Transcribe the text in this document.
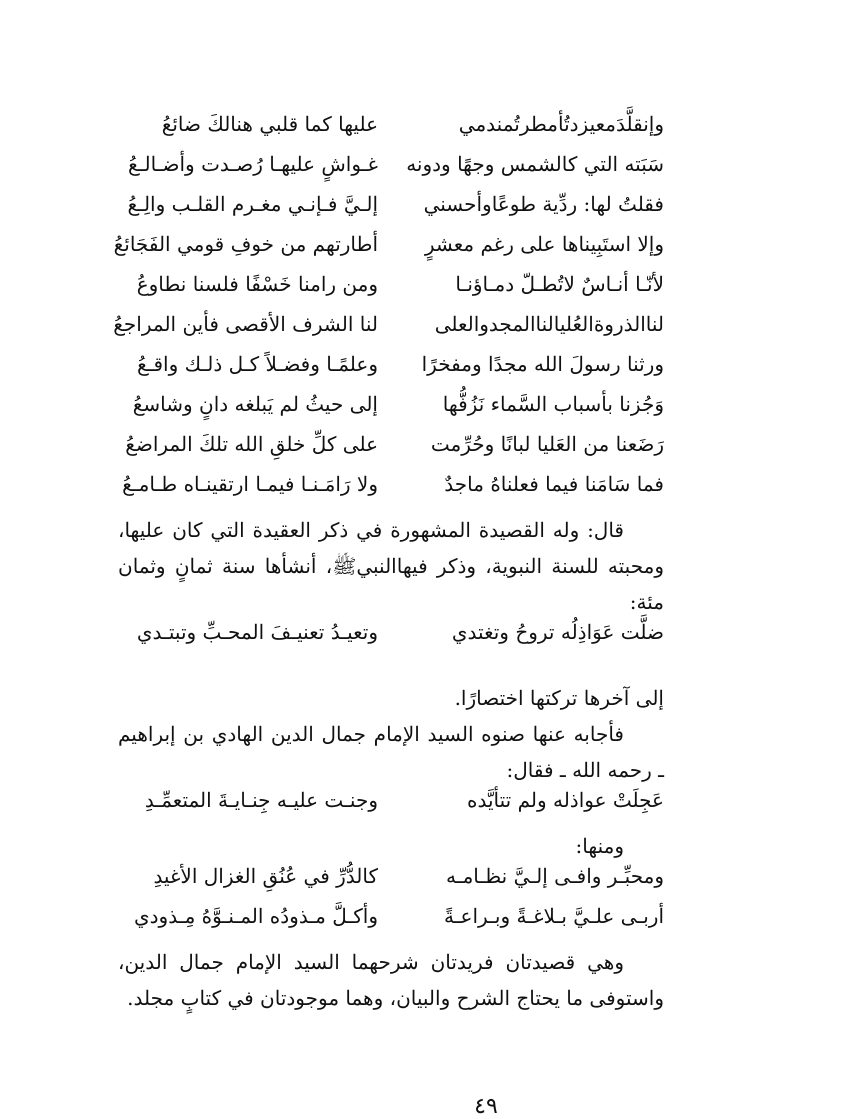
وإنقلَّدَمعيزدتُأمطرتُمندمي
عليها كما قلبي هنالكَ ضائعُ
سَبَته التي كالشمس وجهًا ودونه
غـواشٍ عليهـا رُصـدت وأضـالـعُ
فقلتُ لها: ردِّية طوعًاوأحسني
إلـيَّ فـإنـي مغـرم القلـب والِـعُ
وإلا استَبِيناها على رغم معشرٍ
أطارتهم من خوفِ قومي الفَجَائعُ
لأنّـا أنـاسٌ لاتُطـلّ دمـاؤنـا
ومن رامنا خَسْفًا فلسنا نطاوعُ
لناالذروةالعُليالناالمجدوالعلى
لنا الشرف الأقصى فأين المراجعُ
ورثنا رسولَ الله مجدًا ومفخرًا
وعلمًـا وفضـلاً كـل ذلـك واقـعُ
وَجُزنا بأسباب السَّماء نَزُفُّها
إلى حيثُ لم يَبلغه دانٍ وشاسعُ
رَضَعنا من العَليا لبانًا وحُرِّمت
على كلِّ خلقِ الله تلكَ المراضعُ
فما سَامَنا فيما فعلناهُ ماجدٌ
ولا رَامَـنـا فيمـا ارتقينـاه طـامـعُ

قال: وله القصيدة المشهورة في ذكر العقيدة التي كان عليها، ومحبته للسنة النبوية، وذكر فيهاالنبيﷺ، أنشأها سنة ثمانٍ وثمان مئة:

ضلَّت عَوَاذِلُه تروحُ وتغتدي
وتعيـدُ تعنيـفَ المحـبِّ وتبتـدي

إلى آخرها تركتها اختصارًا.

فأجابه عنها صنوه السيد الإمام جمال الدين الهادي بن إبراهيم ـ رحمه الله ـ فقال:

عَجِلَتْ عواذله ولم تتأيَّده
وجنـت عليـه جِنـايـةَ المتعمِّـدِ

ومنها:

ومحبِّـر وافـى إلـيَّ نظـامـه
كالدُّرِّ في عُنُقِ الغزال الأغيدِ
أربـى علـيَّ بـلاغـةً وبـراعـةً
وأكـلَّ مـذودُه المـنـوَّهُ مِـذودي

وهي قصيدتان فريدتان شرحهما السيد الإمام جمال الدين، واستوفى ما يحتاج الشرح والبيان، وهما موجودتان في كتابٍ مجلد.

٤٩
